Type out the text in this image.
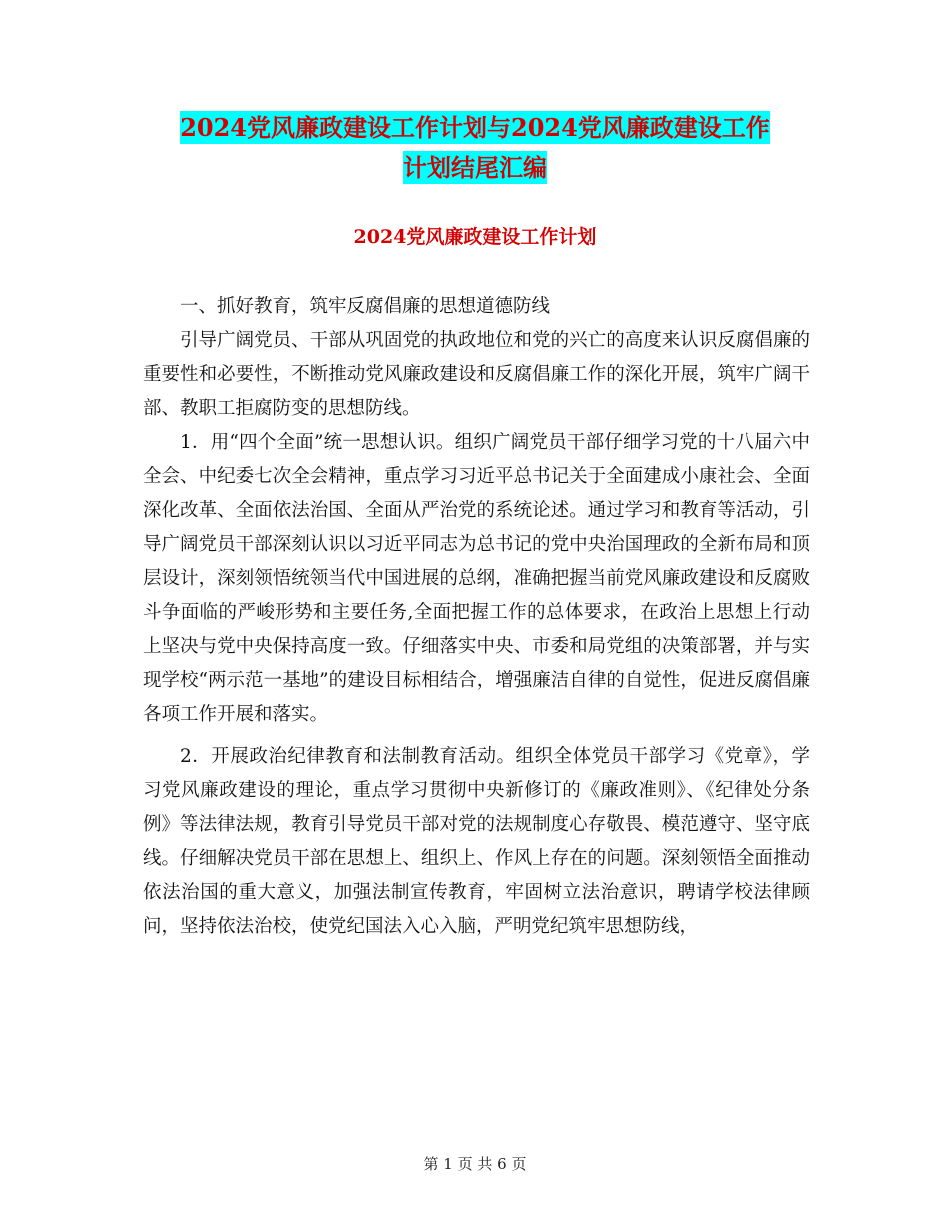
2024党风廉政建设工作计划与2024党风廉政建设工作
计划结尾汇编
2024党风廉政建设工作计划

一、抓好教育，筑牢反腐倡廉的思想道德防线

引导广阔党员、干部从巩固党的执政地位和党的兴亡的高度来认识反腐倡廉的重要性和必要性，不断推动党风廉政建设和反腐倡廉工作的深化开展，筑牢广阔干部、教职工拒腐防变的思想防线。

1．用“四个全面”统一思想认识。组织广阔党员干部仔细学习党的十八届六中全会、中纪委七次全会精神，重点学习习近平总书记关于全面建成小康社会、全面深化改革、全面依法治国、全面从严治党的系统论述。通过学习和教育等活动，引导广阔党员干部深刻认识以习近平同志为总书记的党中央治国理政的全新布局和顶层设计，深刻领悟统领当代中国进展的总纲，准确把握当前党风廉政建设和反腐败斗争面临的严峻形势和主要任务,全面把握工作的总体要求，在政治上思想上行动上坚决与党中央保持高度一致。仔细落实中央、市委和局党组的决策部署，并与实现学校“两示范一基地”的建设目标相结合，增强廉洁自律的自觉性，促进反腐倡廉各项工作开展和落实。

2．开展政治纪律教育和法制教育活动。组织全体党员干部学习《党章》，学习党风廉政建设的理论，重点学习贯彻中央新修订的《廉政准则》、《纪律处分条例》等法律法规，教育引导党员干部对党的法规制度心存敬畏、模范遵守、坚守底线。仔细解决党员干部在思想上、组织上、作风上存在的问题。深刻领悟全面推动依法治国的重大意义，加强法制宣传教育，牢固树立法治意识，聘请学校法律顾问，坚持依法治校，使党纪国法入心入脑，严明党纪筑牢思想防线，

第 1 页 共 6 页
